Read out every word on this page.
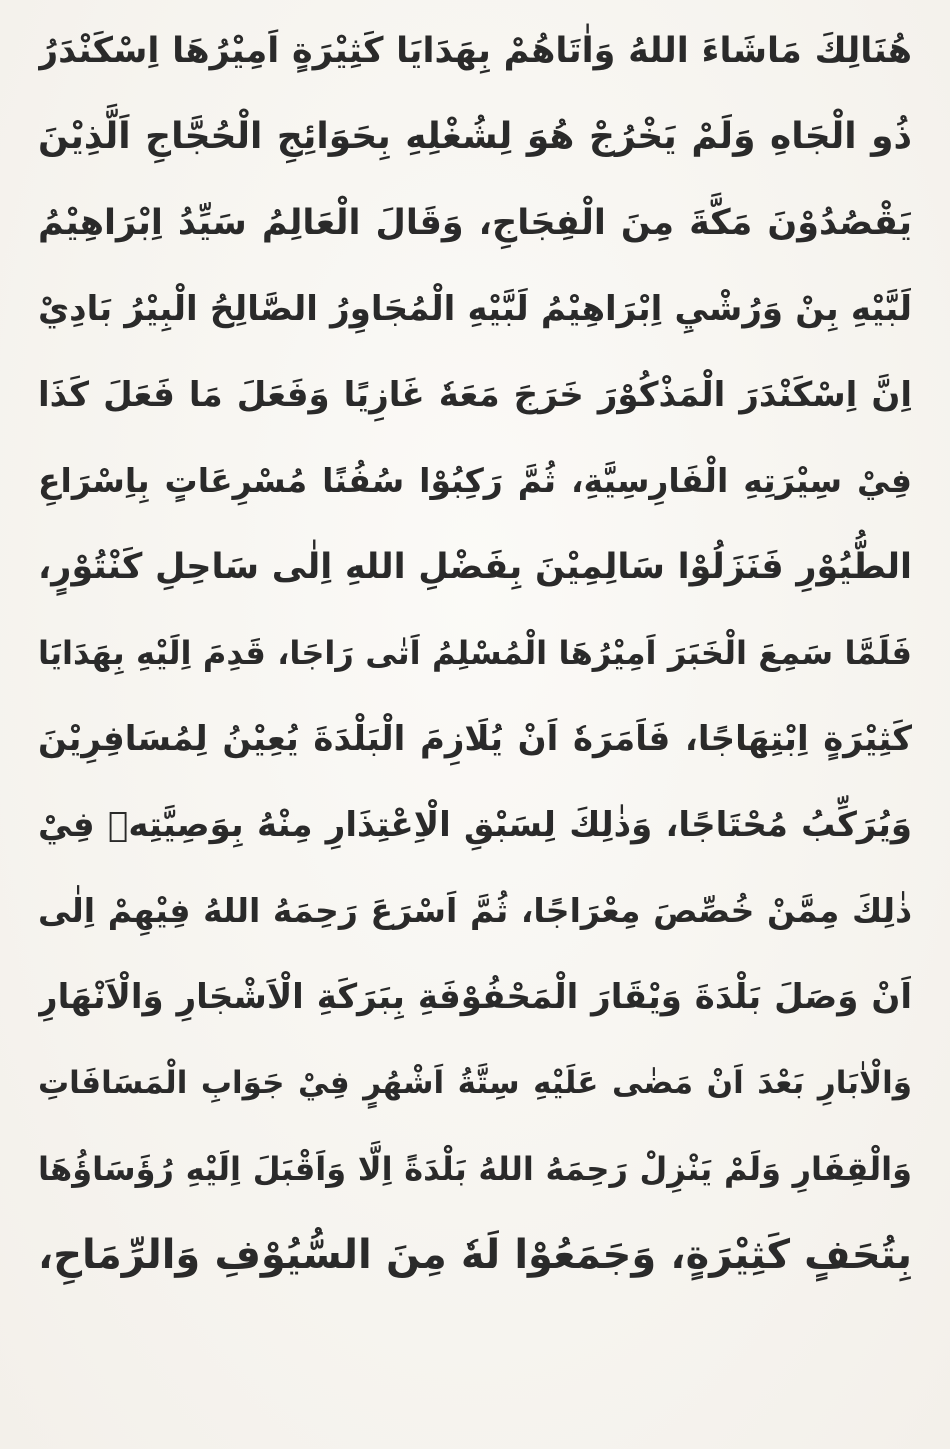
هُنَالِكَ مَاشَاءَ اللهُ وَاٰتَاهُمْ بِهَدَايَا كَثِيْرَةٍ اَمِيْرُهَا اِسْكَنْدَرُ
ذُو الْجَاهِ وَلَمْ يَخْرُجْ هُوَ لِشُغْلِهِ بِحَوَائِجِ الْحُجَّاجِ اَلَّذِيْنَ
يَقْصُدُوْنَ مَكَّةَ مِنَ الْفِجَاجِ، وَقَالَ الْعَالِمُ سَيِّدُ اِبْرَاهِيْمُ
لَبَّيْهِ بِنْ وَرُشْيِ اِبْرَاهِيْمُ لَبَّيْهِ الْمُجَاوِرُ الصَّالِحُ الْبِيْرُ بَادِيْ
اِنَّ اِسْكَنْدَرَ الْمَذْكُوْرَ خَرَجَ مَعَهٗ غَازِيًا وَفَعَلَ مَا فَعَلَ كَذَا
فِيْ سِيْرَتِهِ الْفَارِسِيَّةِ، ثُمَّ رَكِبُوْا سُفُنًا مُسْرِعَاتٍ بِاِسْرَاعِ
الطُّيُوْرِ فَنَزَلُوْا سَالِمِيْنَ بِفَضْلِ اللهِ اِلٰى سَاحِلِ كَنْتُوْرٍ،
فَلَمَّا سَمِعَ الْخَبَرَ اَمِيْرُهَا الْمُسْلِمُ اَتٰى رَاجَا، قَدِمَ اِلَيْهِ بِهَدَايَا
كَثِيْرَةٍ اِبْتِهَاجًا، فَاَمَرَهٗ اَنْ يُلَازِمَ الْبَلْدَةَ يُعِيْنُ لِمُسَافِرِيْنَ
وَيُرَكِّبُ مُحْتَاجًا، وَذٰلِكَ لِسَبْقِ الْاِعْتِذَارِ مِنْهُ بِوَصِيَّتِهٖ فِيْ
ذٰلِكَ مِمَّنْ خُصِّصَ مِعْرَاجًا، ثُمَّ اَسْرَعَ رَحِمَهُ اللهُ فِيْهِمْ اِلٰى
اَنْ وَصَلَ بَلْدَةَ وَيْقَارَ الْمَحْفُوْفَةِ بِبَرَكَةِ الْاَشْجَارِ وَالْاَنْهَارِ
وَالْاٰبَارِ بَعْدَ اَنْ مَضٰى عَلَيْهِ سِتَّةُ اَشْهُرٍ فِيْ جَوَابِ الْمَسَافَاتِ
وَالْقِفَارِ وَلَمْ يَنْزِلْ رَحِمَهُ اللهُ بَلْدَةً اِلَّا وَاَقْبَلَ اِلَيْهِ رُؤَسَاؤُهَا
بِتُحَفٍ كَثِيْرَةٍ، وَجَمَعُوْا لَهٗ مِنَ السُّيُوْفِ وَالرِّمَاحِ،
